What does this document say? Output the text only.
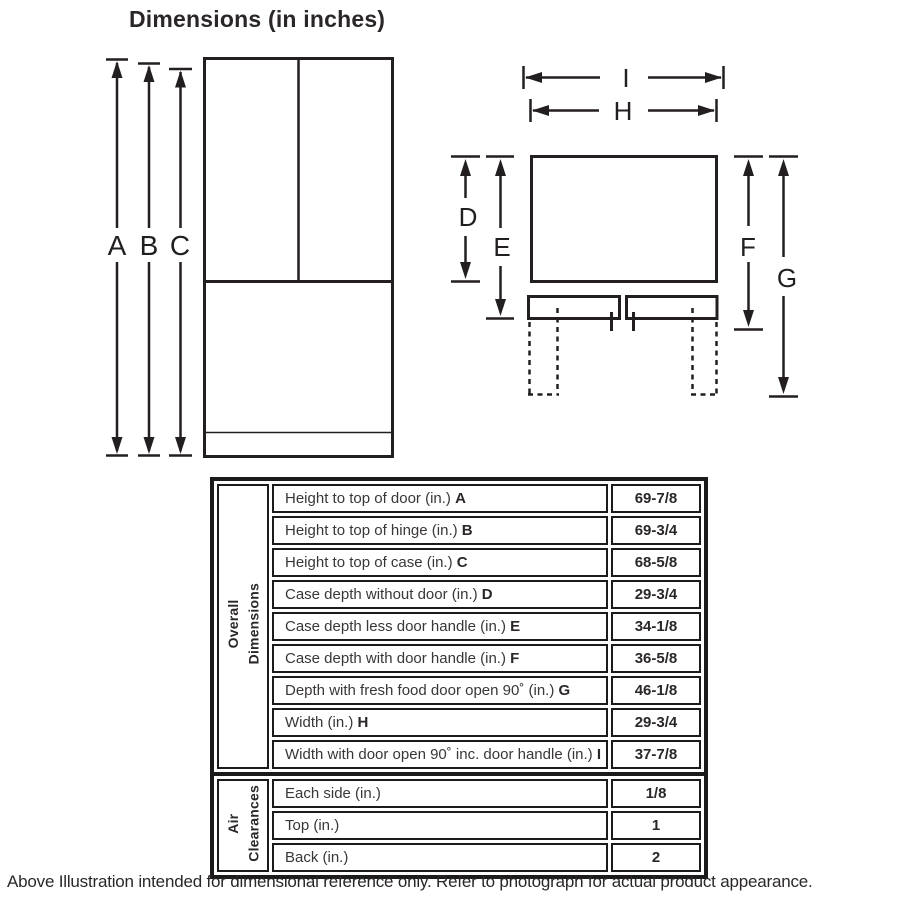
Dimensions (in inches)
A B C
I
H
D
E	F
G
Overall Dimensions	Height to top of door (in.) A	69-7/8
	Height to top of hinge (in.) B	69-3/4
	Height to top of case (in.) C	68-5/8
	Case depth without door (in.) D	29-3/4
	Case depth less door handle (in.) E	34-1/8
	Case depth with door handle (in.) F	36-5/8
	Depth with fresh food door open 90˚ (in.) G	46-1/8
	Width (in.) H	29-3/4
	Width with door open 90˚ inc. door handle (in.) I	37-7/8
Air Clearances	Each side (in.)	1/8
	Top (in.)	1
	Back (in.)	2
Above Illustration intended for dimensional reference only. Refer to photograph for actual product appearance.
